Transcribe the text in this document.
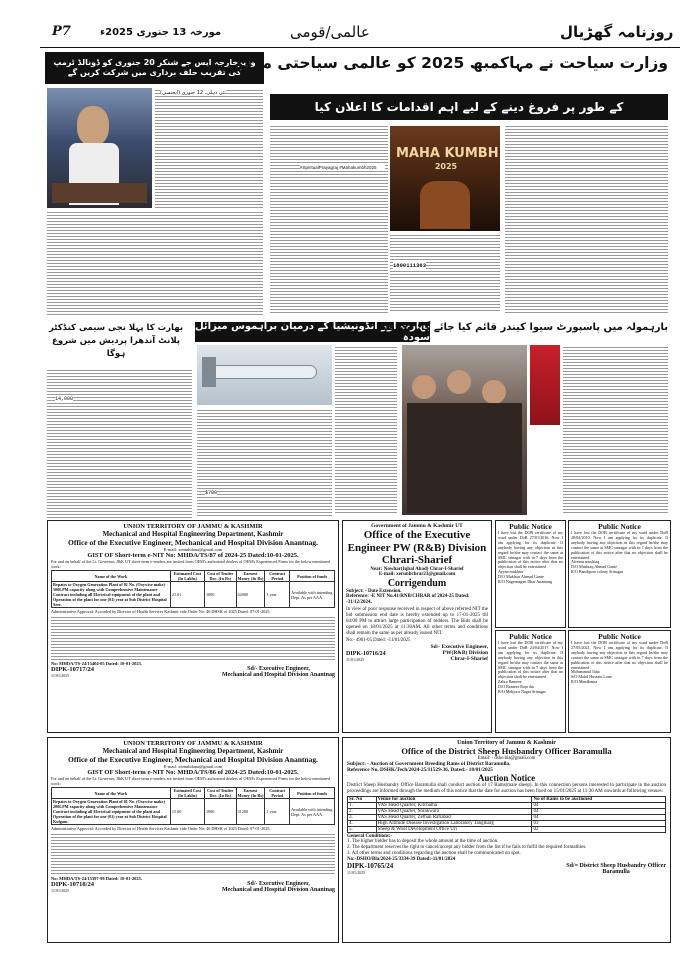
P7	مورخہ 13 جنوری 2025ء	عالمی/قومی	روزنامہ گھڑیال
وزیرخارجہ ایس جے شنکر 20 جنوری کو ڈونالڈ ٹرمپ کی تقریب حلف برداری میں شرکت کریں گے
نئی دہلی، 12 جنوری (ایجنسی)
وزارت سیاحت نے مہاکمبھ 2025 کو عالمی سیاحتی مرکز
کے طور پر فروغ دینے کے لیے اہم اقدامات کا اعلان کیا
MAHA KUMBH
2025
#SpiritualPrayagraj #Mahakumbh2025
1800111363
بھارت کا پہلا نجی سیمی کنڈکٹر پلانٹ آندھرا پردیش میں شروع ہوگا
14,000
بھارت اور انڈونیشیا کے درمیان براہموس میزائل سودہ
$700
بارہمولہ میں پاسپورٹ سیوا کیندر قائم کیا جائے گا: سندھیا
UNION TERRITORY OF JAMMU & KASHMIR
Mechanical and Hospital Engineering Department, Kashmir
Office of the Executive Engineer, Mechanical and Hospital Division Anantnag.
E-mail: xenmhdana@gmail.com
GIST OF Short-term e-NIT No: MHDA/TS/87 of 2024-25 Dated:10-01-2025.
For and on behalf of the Lt. Governor, J&K UT short-term e-tenders are invited from OEM's authorized dealers of OEM's Experienced Firms for the below mentioned work:
Name of the Work	Estimated Cost (In Lakhs)	Cost of Tender Doc. (In Rs)	Earnest Money (In Rs)	Contract Period	Position of funds
Repairs to Oxygen Generation Plant of 01 No. (Oxywise make) 500LPM capacity along with Comprehensive Maintenance Contract including all Electrical equipment of the plant and Operation of the plant for one (01) year at Sub District Hospital Seer.	21.01	1000	42000	1 year	Available with intending Dept. As per AAA.
Administrative Approval: Accorded by Director of Health Services Kashmir vide Order No: 46 DHSK of 2025 Dated: 07-01-2025.
No: MHDA/TS-24/15404-05 Dated: 10-01-2025.
DIPK-10717/24
11/01/2025
Sd/- Executive Engineer,
Mechanical and Hospital Division Anantnag
Government of Jammu & Kashmir UT
Office of the Executive Engineer PW (R&B) Division Chrari-Sharief
Near: Nowhar(Iqbal Abad) Chrar-I-Sharief
E-mail: xerunbchrar23@gmail.com
Corrigendum
Subject: - Date Extension.
Reference: -E NIT No.41/RNB/CHRAR of 2024-25 Dated: -31/12/2024.
In view of poor response received in respect of above referred NIT the bid submission end date is hereby extended up to 17-01-2025 till 04:00 PM to attract large participation of bidders. The Bids shall be opened on 18/01/2025 at 11:30AM. All other terms and conditions shall remain the same as per already issued NIT.
No:- 4901-05 Dated: -11/01/2025
DIPK-10716/24
11/01/2025
Sd/- Executive Engineer,
PW(R&B) Division
Chrar-I-Sharief
Public Notice
I have lost the DOB certificate of my ward under DoB 27/01/2016. Now I am applying for its duplicate. If anybody having any objection in this regard he/she may contact the same at SMC srinagar with in 7 days from the publication of this notice after that no objection shall be entertained
Ayyan mukhtar
D/O Mukhtar Ahmad Ganie
R/O Nagennagen Dhar Anantnag
Public Notice
I have lost the DOB certificate of my ward under DoB 28/04/2010. Now I am applying for its duplicate. If anybody having any objection in this regard he/she may contact the same at SMC srinagar with in 7 days from the publication of this notice after that no objection shall be entertained
Afreena mushtaq
D/O Mushtaq Ahmad Ganie
R/O Bandipora colony Srinagar
Public Notice
I have lost the DOB certificate of my ward under DoB 23/04/2017. Now I am applying for its duplicate. If anybody having any objection in this regard he/she may contact the same at SMC srinagar with in 7 days from the publication of this notice after that no objection shall be entertained
Zahra Rameez
D/O Rameez Raja dar
R/O Mehjoor Nagar Srinagar
Public Notice
I have lost the DOB certificate of my ward under DoB 27/05/2021. Now I am applying for its duplicate. If anybody having any objection in this regard he/she may contact the same at SMC srinagar with in 7 days from the publication of this notice after that no objection shall be entertained
Mohammad Taha
S/O Mohd Hussain Lone
R/O Mendhama
UNION TERRITORY OF JAMMU & KASHMIR
Mechanical and Hospital Engineering Department, Kashmir
Office of the Executive Engineer, Mechanical and Hospital Division Anantnag.
E-mail: xenmhdana@gmail.com
GIST OF Short-term e-NIT No: MHDA/TS/86 of 2024-25 Dated:10-01-2025.
For and on behalf of the Lt. Governor, J&K UT short-term e-tenders are invited from OEM's authorized dealers of OEM's Experienced Firms for the below mentioned work:
Name of the Work	Estimated Cost (In Lakhs)	Cost of Tender Doc. (In Rs)	Earnest Money (In Rs)	Contract Period	Position of funds
Repairs to Oxygen Generation Plant of 01 No. (Oxywise make) 200LPM capacity along with Comprehensive Maintenance Contract including all Electrical equipment of the plant and Operation of the plant for one (01) year at Sub District Hospital Kulgam.	15.60	1000	31200	1 year	Available with intending Dept. As per AAA.
Administrative Approval: Accorded by Director of Health Services Kashmir vide Order No: 46 DHSK of 2025 Dated: 07-01-2025.
No: MHDA/TS-24/15397-98 Dated: 10-01-2025.
DIPK-10718/24
11/01/2025
Sd/- Executive Engineer,
Mechanical and Hospital Division Anantnag
Union Territory of Jammu & Kashmir
Office of the District Sheep Husbandry Officer Baramulla
Email: - dsho.bla@gmail.com
Subject: - Auction of Government Breeding Rams of District Baramulla.
Reference No. DSHK/Tech/2024-25/11529-36, Dated:- 10/01/2025
Auction Notice
District Sheep Husbandry Office Baramulla shall conduct auction of 17 Rams(male sheep). In this connection persons interested to participate in the auction proceedings are informed through the medium of this notice that the date for auction has been fixed on 15/01/2025 at 11:30 AM onwards at following venues:
Sr. No	Venue for auction	No of Rams to be auctioned
1.	VAS Head Quarter, Kitchama	04
2.	VAS Head Quarter, Shrakwara	04
3.	VAS Head Quarter, Zethan Rafiabad	04
4.	High Altitude Disease Investigation Laboratory Tangmarg	03
5.	Sheep & Wool Development Office Uri	02
General Conditions:-
1. The higher bidder has to deposit the whole amount at the time of auction.
2. The department reserves the right to cancel/accept any bidder from the list if he fails to fulfil the required formalities.
3. All other terms and conditions regarding the auction shall be communicated on spot.
No:-DSHO/Bla/2024-25/3334-39 Dated:-11/01/2024
DIPK-10765/24
11/01/2025
Sd/= District Sheep Husbandry Officer
Baramulla
